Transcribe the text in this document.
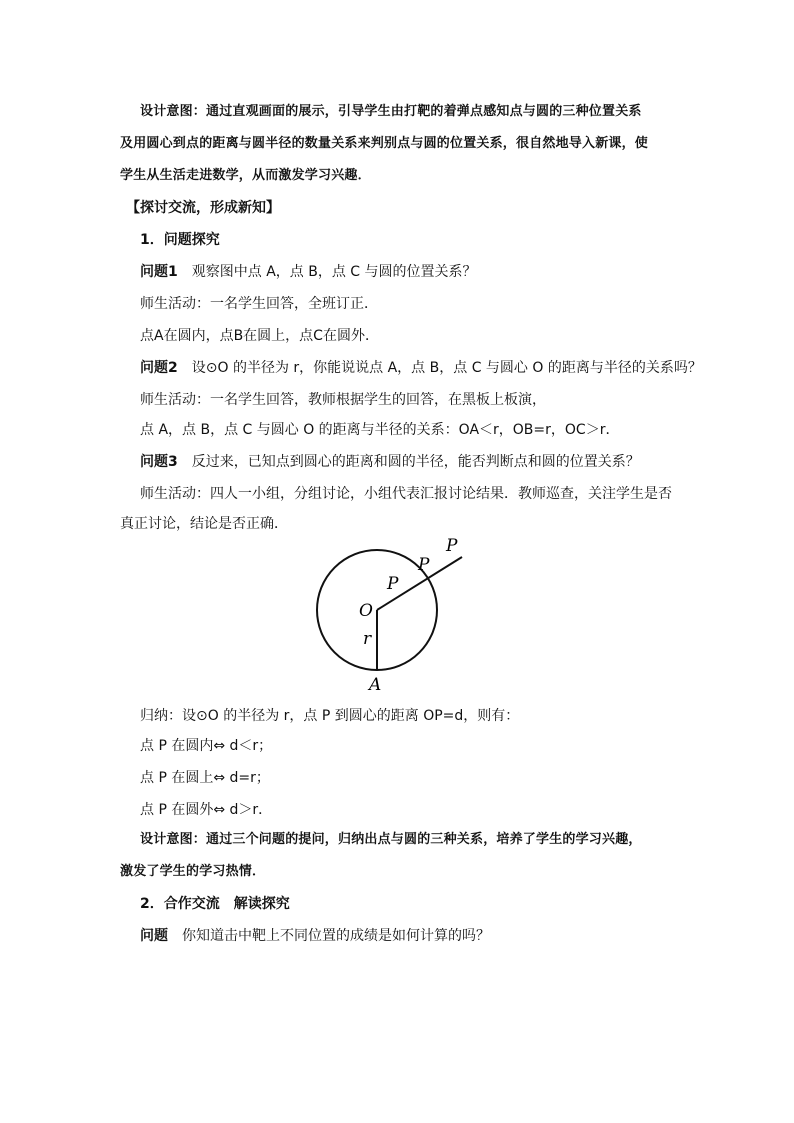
设计意图：通过直观画面的展示，引导学生由打靶的着弹点感知点与圆的三种位置关系
及用圆心到点的距离与圆半径的数量关系来判别点与圆的位置关系，很自然地导入新课，使
学生从生活走进数学，从而激发学习兴趣．
【探讨交流，形成新知】
1．问题探究
问题1 观察图中点 A，点 B，点 C 与圆的位置关系？
师生活动：一名学生回答，全班订正．
点A在圆内，点B在圆上，点C在圆外．
问题2 设⊙O 的半径为 r，你能说说点 A，点 B，点 C 与圆心 O 的距离与半径的关系吗？
师生活动：一名学生回答，教师根据学生的回答，在黑板上板演，
点 A，点 B，点 C 与圆心 O 的距离与半径的关系：OA＜r，OB=r，OC＞r．
问题3 反过来，已知点到圆心的距离和圆的半径，能否判断点和圆的位置关系？
师生活动：四人一小组，分组讨论，小组代表汇报讨论结果．教师巡查，关注学生是否
真正讨论，结论是否正确．
P
P
P
O
r
A
归纳：设⊙O 的半径为 r，点 P 到圆心的距离 OP=d，则有：
点 P 在圆内⇔ d＜r；
点 P 在圆上⇔ d=r；
点 P 在圆外⇔ d＞r．
设计意图：通过三个问题的提问，归纳出点与圆的三种关系，培养了学生的学习兴趣，
激发了学生的学习热情．
2．合作交流　解读探究
问题 你知道击中靶上不同位置的成绩是如何计算的吗？
